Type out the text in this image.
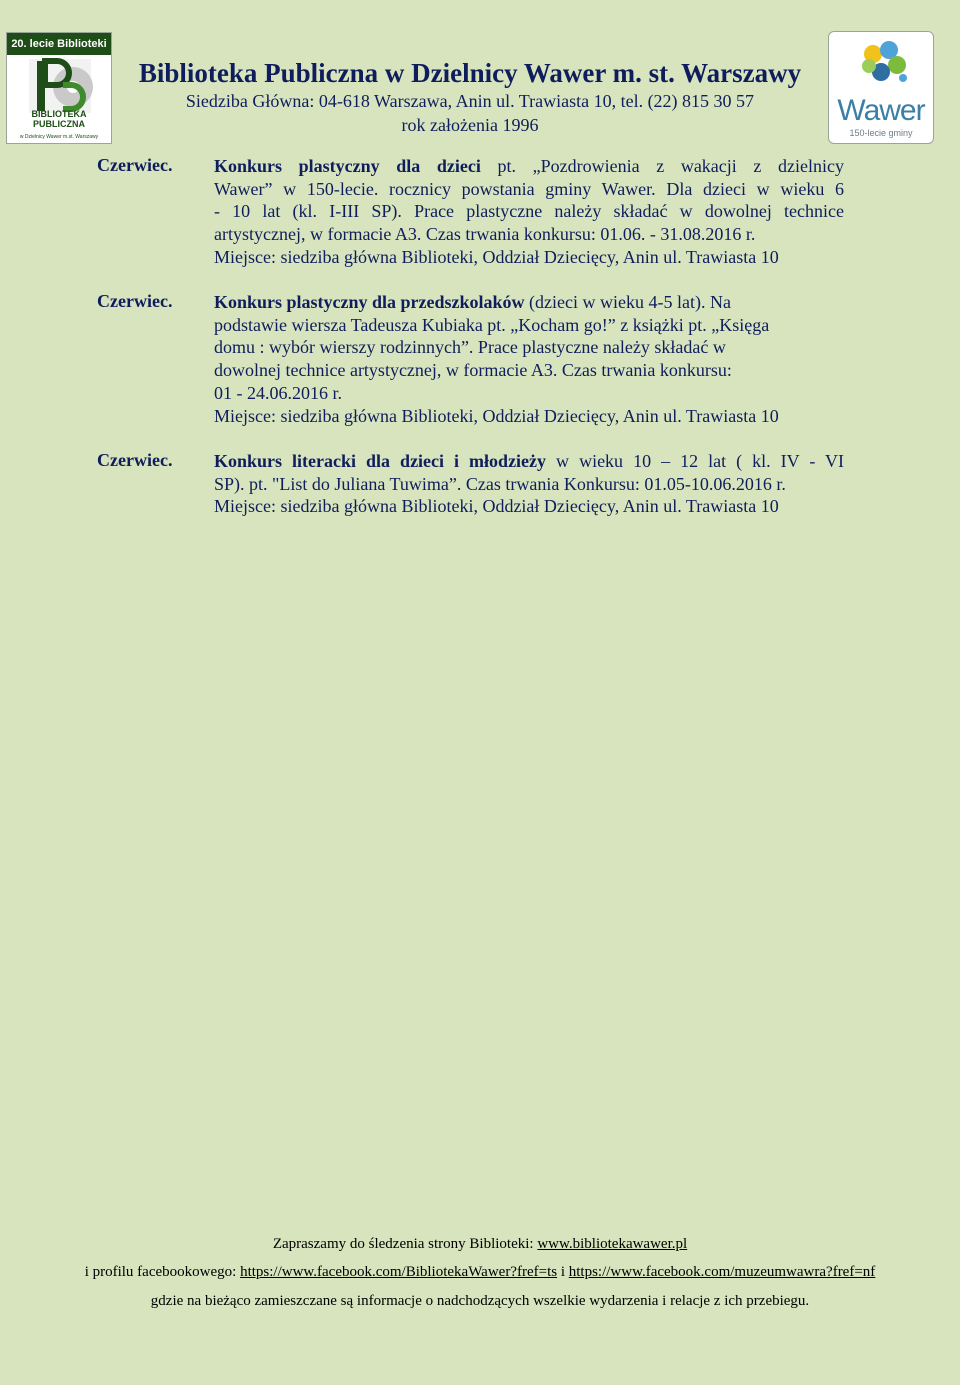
20. lecie Biblioteki
BIBLIOTEKA PUBLICZNA
w Dzielnicy Wawer m.st. Warszawy
Wawer
150-lecie gminy
Biblioteka Publiczna w Dzielnicy Wawer m. st. Warszawy
Siedziba Główna: 04-618 Warszawa, Anin ul. Trawiasta 10, tel. (22) 815 30 57
rok założenia 1996
Czerwiec. Konkurs plastyczny dla dzieci pt. „Pozdrowienia z wakacji z dzielnicy
Wawer” w 150-lecie. rocznicy powstania gminy Wawer. Dla dzieci w wieku 6
- 10 lat (kl. I-III SP). Prace plastyczne należy składać w dowolnej technice
artystycznej, w formacie A3. Czas trwania konkursu: 01.06. - 31.08.2016 r.
Miejsce: siedziba główna Biblioteki, Oddział Dziecięcy, Anin ul. Trawiasta 10
Czerwiec. Konkurs plastyczny dla przedszkolaków (dzieci w wieku 4-5 lat). Na
podstawie wiersza Tadeusza Kubiaka pt. „Kocham go!” z książki pt. „Księga
domu : wybór wierszy rodzinnych”. Prace plastyczne należy składać w
dowolnej technice artystycznej, w formacie A3. Czas trwania konkursu:
01 - 24.06.2016 r.
Miejsce: siedziba główna Biblioteki, Oddział Dziecięcy, Anin ul. Trawiasta 10
Czerwiec. Konkurs literacki dla dzieci i młodzieży w wieku 10 – 12 lat ( kl. IV - VI
SP). pt. "List do Juliana Tuwima”. Czas trwania Konkursu: 01.05-10.06.2016 r.
Miejsce: siedziba główna Biblioteki, Oddział Dziecięcy, Anin ul. Trawiasta 10
Zapraszamy do śledzenia strony Biblioteki: www.bibliotekawawer.pl
i profilu facebookowego: https://www.facebook.com/BibliotekaWawer?fref=ts i https://www.facebook.com/muzeumwawra?fref=nf
gdzie na bieżąco zamieszczane są informacje o nadchodzących wszelkie wydarzenia i relacje z ich przebiegu.
